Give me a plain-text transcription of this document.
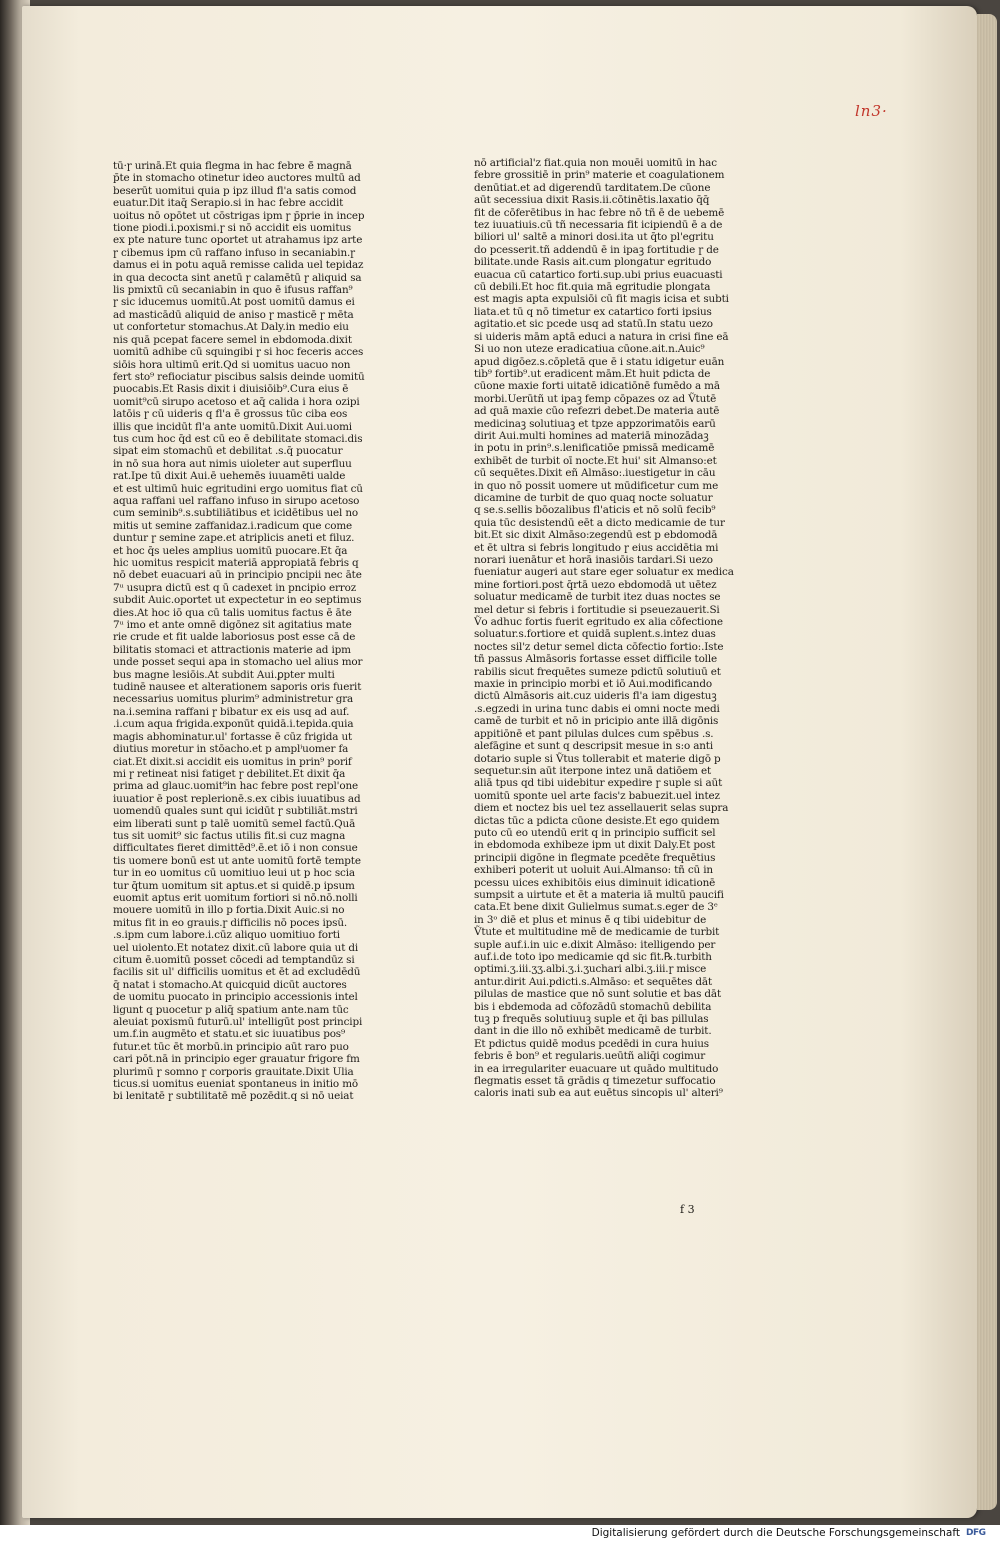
ln3·
tū·ɼ urinā.Et quia flegma in hac febre ē̄ magnā
p̄te in stomacho otinetur ideo auctores multū ad
beserūt uomitui quia p ipz illud fl'a satis comod
euatur.Dit itaq̄ Serapio.si in hac febre accidit
uoitus nō opōtet ut cōstrigas ipm ɼ p̄prie in incep
tione piodi.i.poxismi.ɼ si nō accidit eis uomitus
ex pte nature tunc oportet ut atrahamus ipz arte
ɼ cibemus ipm cū raffano infuso in secaniabin.ɼ
damus ei in potu aquā remisse calida uel tepidaz
in qua decocta sint anetū ɼ calamētū ɼ aliquid sa
lis pmixtū cū secaniabin in quo ē ifusus raffan⁹
ɼ sic iducemus uomitū.At post uomitū damus ei
ad masticādū aliquid de aniso ɼ masticē ɼ mēta
ut confortetur stomachus.At Daly.in medio eiu
nis quā pcepat facere semel in ebdomoda.dixit
uomitū adhibe cū squingibi ɼ si hoc feceris acces
siōis hora ultimū erit.Qd si uomitus uacuo non
fert sto⁹ refiociatur piscibus salsis deinde uomitū
puocabis.Et Rasis dixit i diuisiōib⁹.Cura eius ē
uomit⁹cū sirupo acetoso et aq̄ calida i hora ozipi
latōis ɼ cū uideris q fl'a ē grossus tūc ciba eos
illis que incidūt fl'a ante uomitū.Dixit Aui.uomi
tus cum hoc q̄d est cū eo ē debilitate stomaci.dis
sipat eim stomachū et debilitat .s.q̄ puocatur
in nō sua hora aut nimis uioleter aut superfluu
rat.Ipe tū dixit Aui.ē uehemēs iuuamēti ualde
et est ultimū huic egritudini ergo uomitus fiat cū
aqua raffani uel raffano infuso in sirupo acetoso
cum seminib⁹.s.subtiliātibus et icidētibus uel no
mitis ut semine zaffanidaz.i.radicum que come
duntur ɼ semine zape.et atriplicis aneti et filuz.
et hoc q̄s ueles amplius uomitū puocare.Et q̄a
hic uomitus respicit materiā appropiatā febris q
nō debet euacuari aū in principio pncipii nec āte
7ᵘ usupra dictū est q ū cadexet in pncipio erroz
subdit Auic.oportet ut expectetur in eo septimus
dies.At hoc iō qua cū talis uomitus factus ē āte
7ᵘ imo et ante omnē digōnez sit agitatius mate
rie crude et fit ualde laboriosus post esse cā de
bilitatis stomaci et attractionis materie ad ipm
unde posset sequi apa in stomacho uel alius mor
bus magne lesiōis.At subdit Aui.ꝑpter multi
tudinē nausee et alterationem saporis oris fuerit
necessarius uomitus plurim⁹ administretur gra
na.i.semina raffani ɼ bibatur ex eis usq ad auf.
.i.cum aqua frigida.exponūt quidā.i.tepida.quia
magis abhominatur.ul' fortasse ē cūz frigida ut
diutius moretur in stōacho.et p amplⁱuomer fa
ciat.Et dixit.si accidit eis uomitus in prin⁹ porif
mi ɼ retineat nisi fatiget ɼ debilitet.Et dixit q̄a
prima ad glauc.uomit⁹in hac febre post repl'one
iuuatior ē post replerionē.s.ex cibis iuuatibus ad
uomendū quales sunt qui icidūt ɼ subtiliāt.mstri
eim liberati sunt p talē uomitū semel factū.Quā
tus sit uomit⁹ sic factus utilis fit.si cuz magna
difficultates fieret dimittēd⁹.ē.et iō i non consue
tis uomere bonū est ut ante uomitū fortē tempte
tur in eo uomitus cū uomitiuo leui ut p hoc scia
tur q̄tum uomitum sit aptus.et si quidē.p ipsum
euomit aptus erit uomitum fortiori si nō.nō.nolli
mouere uomitū in illo p fortia.Dixit Auic.si no
mitus fit in eo grauis.ɼ difficilis nō poces ipsū.
.s.ipm cum labore.i.cūz aliquo uomitiuo forti
uel uiolento.Et notatez dixit.cū labore quia ut di
citum ē.uomitū posset cōcedi ad temptandūz si
facilis sit ul' difficilis uomitus et ēt ad excludēdū
q̄ natat i stomacho.At quicquid dicūt auctores
de uomitu puocato in principio accessionis intel
ligunt q puocetur p aliq̄ spatium ante.nam tūc
aleuiat poxismū futurū.ul' intelligūt post principi
um.f.in augmēto et statu.et sic iuuatibus pos⁹
futur.et tūc ēt morbū.in principio aūt raro puo
cari pōt.nā in principio eger grauatur frigore fm
plurimū ɼ somno ɼ corporis grauitate.Dixit Ulia
ticus.si uomitus eueniat spontaneus in initio mō
bi lenitatē ɼ subtilitatē mē pozēdit.q si nō ueiat
nō artificial'z fiat.quia non mouēi uomitū in hac
febre grossitiē in prin⁹ materie et coagulationem
denūtiat.et ad digerendū tarditatem.De cūone
aūt secessiua dixit Rasis.ii.cōtinētis.laxatio q̄q̄
fit de cōferētibus in hac febre nō tñ ē de uebemē
tez iuuatiuis.cū tñ necessaria fit icipiendū ē a de
biliori ul' saltē a minori dosi.ita ut q̄to pl'egritu
do pcesserit.tñ addendū ē in ipaꝫ fortitudie ɼ de
bilitate.unde Rasis ait.cum plongatur egritudo
euacua cū catartico forti.sup.ubi prius euacuasti
cū debili.Et hoc fit.quia mā egritudie plongata
est magis apta expulsiōi cū fit magis icisa et subti
liata.et tū q nō timetur ex catartico forti ipsius
agitatio.et sic pcede usq ad statū.In statu uezo
si uideris mām aptā educi a natura in crisi fine eā
Si uo non uteze eradicatiua cūone.ait.n.Auic⁹
apud digōez.s.cōpletā que ē i statu idigetur euān
tib⁹ fortib⁹.ut eradicent mām.Et huit pdicta de
cūone maxie forti uitatē idicatiōnē fumēdo a mā
morbi.Uerūtñ ut ipaꝫ femp cōpazes oz ad Ṽtutē
ad quā maxie cūo refezri debet.De materia autē
medicinaꝫ solutiuaꝫ et tpze appzorimatōis earū
dirit Aui.multi homines ad materiā minozādaꝫ
in potu in prin⁹.s.lenificatiōe pmissā medicamē
exhibēt de turbit oī nocte.Et hui' sit Almanso:et
cū sequētes.Dixit eñ Almāso:.iuestigetur in cāu
in quo nō possit uomere ut mūdificetur cum me
dicamine de turbit de quo quaq nocte soluatur
q se.s.sellis bōozalibus fl'aticis et nō solū fecib⁹
quia tūc desistendū eēt a dicto medicamie de tur
bit.Et sic dixit Almāso:zegendū est p ebdomodā
et ēt ultra si febris longitudo ɼ eius accidētia mi
norari iuenātur et horā inasiōis tardari.Si uezo
fueniatur augeri aut stare eger soluatur ex medica
mine fortiori.post q̄rtā uezo ebdomodā ut uētez
soluatur medicamē de turbit itez duas noctes se
mel detur si febris i fortitudie si pseuezauerit.Si
Ṽo adhuc fortis fuerit egritudo ex alia cōfectione
soluatur.s.fortiore et quidā suplent.s.intez duas
noctes sil'z detur semel dicta cōfectio fortio:.Iste
tñ passus Almāsoris fortasse esset difficile tolle
rabilis sicut frequētes sumeze pdictū solutiuū et
maxie in principio morbi et iō Aui.modificando
dictū Almāsoris ait.cuz uideris fl'a iam digestuꝫ
.s.egzedi in urina tunc dabis ei omni nocte medi
camē de turbit et nō in pricipio ante illā digōnis
appitiōnē et pant pilulas dulces cum spēbus .s.
alefāgine et sunt q descripsit mesue in s:o anti
dotario suple si Ṽtus tollerabit et materie digō p
sequetur.sin aūt iterpone intez unā datiōem et
aliā tpus qd tibi uidebitur expedire ɼ suple si aūt
uomitū sponte uel arte facis'z babuezit.uel intez
diem et noctez bis uel tez assellauerit selas supra
dictas tūc a pdicta cūone desiste.Et ego quidem
puto cū eo utendū erit q in principio sufficit sel
in ebdomoda exhibeze ipm ut dixit Daly.Et post
principii digōne in flegmate pcedēte frequētius
exhiberi poterit ut uoluit Aui.Almanso: tñ cū in
pcessu uices exhibitōis eius diminuit idicationē
sumpsit a uirtute et ēt a materia iā multū paucifi
cata.Et bene dixit Gulielmus sumat.s.eger de 3ᵉ
in 3ᵒ diē et plus et minus ē̄ q tibi uidebitur de
Ṽtute et multitudine mē de medicamie de turbit
suple auf.i.in uic e.dixit Almāso: itelligendo per
auf.i.de toto ipo medicamie qd sic fit.℞.turbith
optimi.ʒ.iii.ʒʒ.albi.ʒ.i.ʒuchari albi.ʒ.iii.ɼ misce
antur.dirit Aui.pdicti.s.Almāso: et sequētes dāt
pilulas de mastice que nō sunt solutie et bas dāt
bis i ebdemoda ad cōfozādū stomachū debilita
tuꝫ p frequēs solutiuuꝫ suple et q̄i bas pillulas
dant in die illo nō exhibēt medicamē de turbit.
Et pdictus quidē modus pcedēdi in cura huius
febris ē bon⁹ et regularis.ueūtñ aliq̄i cogimur
in ea irregulariter euacuare ut quādo multitudo
flegmatis esset tā grādis q timezetur suffocatio
caloris inati sub ea aut euētus sincopis ul' alteri⁹
f 3
Digitalisierung gefördert durch die Deutsche Forschungsgemeinschaft DFG
